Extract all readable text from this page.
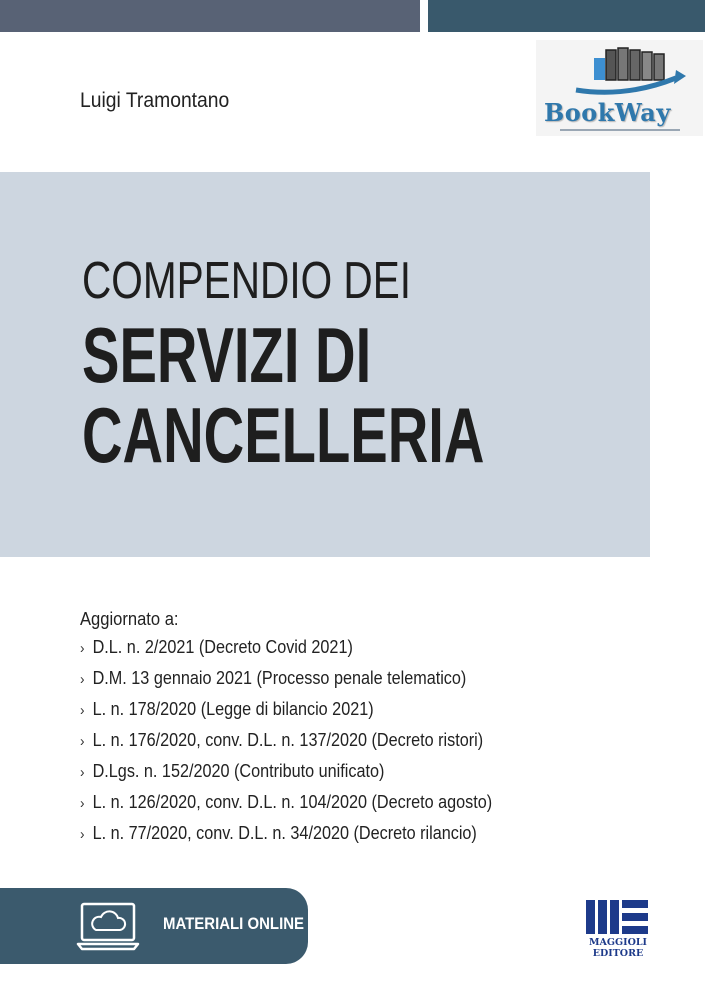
BookWay
Luigi Tramontano
COMPENDIO DEI
SERVIZI DI
CANCELLERIA
Aggiornato a:
› D.L. n. 2/2021 (Decreto Covid 2021)
› D.M. 13 gennaio 2021 (Processo penale telematico)
› L. n. 178/2020 (Legge di bilancio 2021)
› L. n. 176/2020, conv. D.L. n. 137/2020 (Decreto ristori)
› D.Lgs. n. 152/2020 (Contributo unificato)
› L. n. 126/2020, conv. D.L. n. 104/2020 (Decreto agosto)
› L. n. 77/2020, conv. D.L. n. 34/2020 (Decreto rilancio)
MATERIALI ONLINE
MAGGIOLI
EDITORE
